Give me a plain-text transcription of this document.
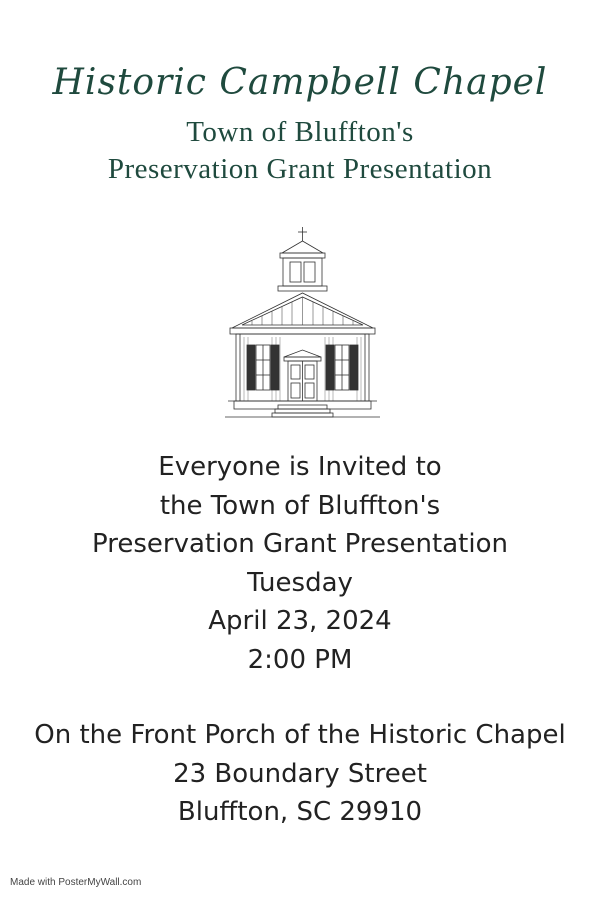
Historic Campbell Chapel
Town of Bluffton's
Preservation Grant Presentation
Everyone is Invited to
the Town of Bluffton's
Preservation Grant Presentation
Tuesday
April 23, 2024
2:00 PM
On the Front Porch of the Historic Chapel
23 Boundary Street
Bluffton, SC 29910
Made with PosterMyWall.com
